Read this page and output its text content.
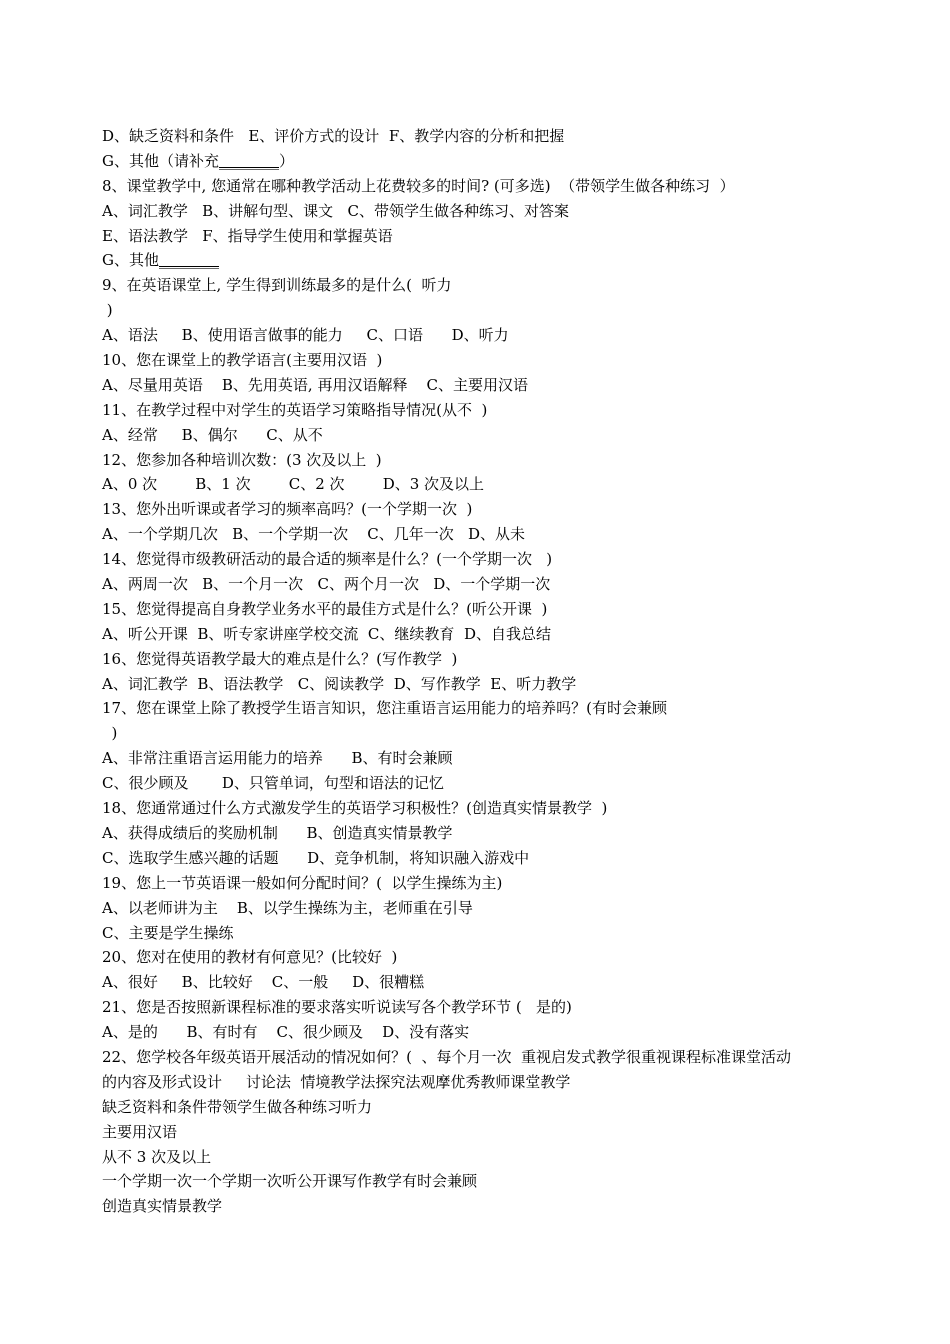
D、缺乏资料和条件   E、评价方式的设计  F、教学内容的分析和把握
G、其他（请补充________）
8、课堂教学中, 您通常在哪种教学活动上花费较多的时间? (可多选)  （带领学生做各种练习  ）
A、词汇教学   B、讲解句型、课文   C、带领学生做各种练习、对答案
E、语法教学   F、指导学生使用和掌握英语
G、其他________
9、在英语课堂上, 学生得到训练最多的是什么(  听力
)
A、语法     B、使用语言做事的能力     C、口语      D、听力
10、您在课堂上的教学语言(主要用汉语  )
A、尽量用英语    B、先用英语, 再用汉语解释    C、主要用汉语
11、在教学过程中对学生的英语学习策略指导情况(从不  )
A、经常     B、偶尔      C、从不
12、您参加各种培训次数：(3 次及以上  )
A、0 次        B、1 次        C、2 次        D、3 次及以上
13、您外出听课或者学习的频率高吗？(一个学期一次  )
A、一个学期几次   B、一个学期一次    C、几年一次   D、从未
14、您觉得市级教研活动的最合适的频率是什么？(一个学期一次   )
A、两周一次   B、一个月一次   C、两个月一次   D、一个学期一次
15、您觉得提高自身教学业务水平的最佳方式是什么？(听公开课  )
A、听公开课  B、听专家讲座学校交流  C、继续教育  D、自我总结
16、您觉得英语教学最大的难点是什么？(写作教学  )
A、词汇教学  B、语法教学   C、阅读教学  D、写作教学  E、听力教学
17、您在课堂上除了教授学生语言知识，您注重语言运用能力的培养吗？(有时会兼顾
)
A、非常注重语言运用能力的培养      B、有时会兼顾
C、很少顾及       D、只管单词，句型和语法的记忆
18、您通常通过什么方式激发学生的英语学习积极性？(创造真实情景教学  )
A、获得成绩后的奖励机制      B、创造真实情景教学
C、选取学生感兴趣的话题      D、竞争机制，将知识融入游戏中
19、您上一节英语课一般如何分配时间？(  以学生操练为主)
A、以老师讲为主    B、以学生操练为主，老师重在引导
C、主要是学生操练
20、您对在使用的教材有何意见？(比较好  )
A、很好     B、比较好    C、一般     D、很糟糕
21、您是否按照新课程标准的要求落实听说读写各个教学环节 (   是的)
A、是的      B、有时有    C、很少顾及    D、没有落实
22、您学校各年级英语开展活动的情况如何？(  、每个月一次  重视启发式教学很重视课程标准课堂活动
的内容及形式设计     讨论法  情境教学法探究法观摩优秀教师课堂教学
缺乏资料和条件带领学生做各种练习听力
主要用汉语
从不 3 次及以上
一个学期一次一个学期一次听公开课写作教学有时会兼顾
创造真实情景教学
